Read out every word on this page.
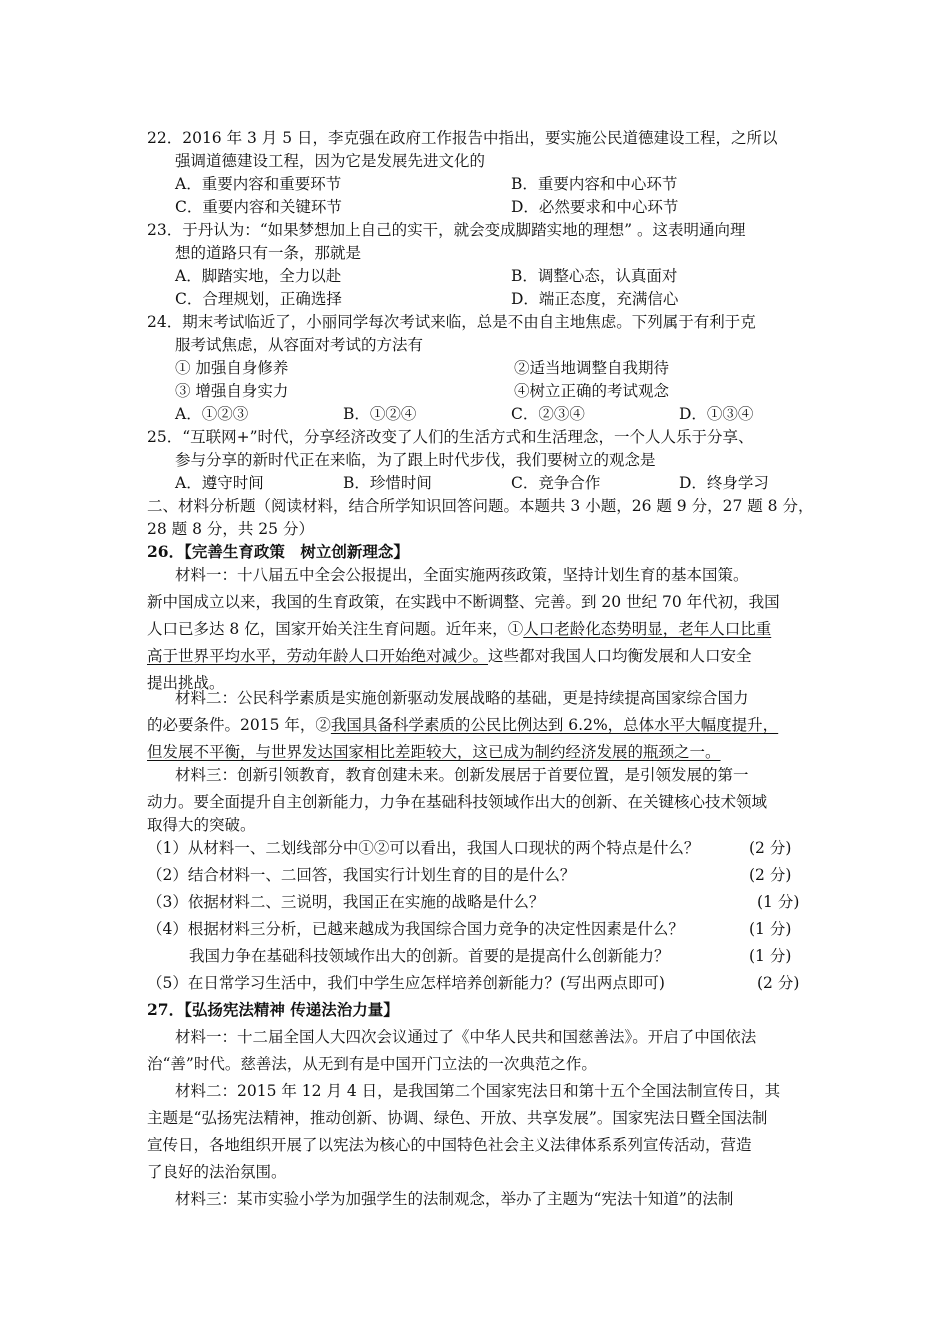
22．2016 年 3 月 5 日，李克强在政府工作报告中指出，要实施公民道德建设工程，之所以
强调道德建设工程，因为它是发展先进文化的
A．重要内容和重要环节	B．重要内容和中心环节
C．重要内容和关键环节	D．必然要求和中心环节
23．于丹认为：“如果梦想加上自己的实干，就会变成脚踏实地的理想” 。这表明通向理
想的道路只有一条，那就是
A．脚踏实地，全力以赴	B．调整心态，认真面对
C．合理规划，正确选择	D．端正态度，充满信心
24．期末考试临近了，小丽同学每次考试来临，总是不由自主地焦虑。下列属于有利于克
服考试焦虑，从容面对考试的方法有
① 加强自身修养	②适当地调整自我期待
③ 增强自身实力	④树立正确的考试观念
A．①②③	B．①②④	C．②③④	D．①③④
25．“互联网+”时代，分享经济改变了人们的生活方式和生活理念，一个人人乐于分享、
参与分享的新时代正在来临，为了跟上时代步伐，我们要树立的观念是
A．遵守时间	B．珍惜时间	C．竞争合作	D．终身学习
二、材料分析题（阅读材料，结合所学知识回答问题。本题共 3 小题，26 题 9 分，27 题 8 分，
28 题 8 分，共 25 分）
26．【完善生育政策　树立创新理念】
材料一：十八届五中全会公报提出，全面实施两孩政策，坚持计划生育的基本国策。
新中国成立以来，我国的生育政策，在实践中不断调整、完善。到 20 世纪 70 年代初，我国
人口已多达 8 亿，国家开始关注生育问题。近年来，①人口老龄化态势明显，老年人口比重
高于世界平均水平，劳动年龄人口开始绝对减少。这些都对我国人口均衡发展和人口安全
提出挑战。
材料二：公民科学素质是实施创新驱动发展战略的基础，更是持续提高国家综合国力
的必要条件。2015 年，②我国具备科学素质的公民比例达到 6.2%，总体水平大幅度提升，
但发展不平衡，与世界发达国家相比差距较大，这已成为制约经济发展的瓶颈之一。
材料三：创新引领教育，教育创建未来。创新发展居于首要位置，是引领发展的第一
动力。要全面提升自主创新能力，力争在基础科技领域作出大的创新、在关键核心技术领域
取得大的突破。
（1）从材料一、二划线部分中①②可以看出，我国人口现状的两个特点是什么？	(2 分)
（2）结合材料一、二回答，我国实行计划生育的目的是什么？	(2 分)
（3）依据材料二、三说明，我国正在实施的战略是什么？	(1 分)
（4）根据材料三分析，已越来越成为我国综合国力竞争的决定性因素是什么？	(1 分)
我国力争在基础科技领域作出大的创新。首要的是提高什么创新能力？	(1 分)
（5）在日常学习生活中，我们中学生应怎样培养创新能力？(写出两点即可)	(2 分)
27．【弘扬宪法精神 传递法治力量】
材料一：十二届全国人大四次会议通过了《中华人民共和国慈善法》。开启了中国依法
治“善”时代。慈善法，从无到有是中国开门立法的一次典范之作。
材料二：2015 年 12 月 4 日，是我国第二个国家宪法日和第十五个全国法制宣传日，其
主题是“弘扬宪法精神，推动创新、协调、绿色、开放、共享发展”。国家宪法日暨全国法制
宣传日，各地组织开展了以宪法为核心的中国特色社会主义法律体系系列宣传活动，营造
了良好的法治氛围。
材料三：某市实验小学为加强学生的法制观念，举办了主题为“宪法十知道”的法制
